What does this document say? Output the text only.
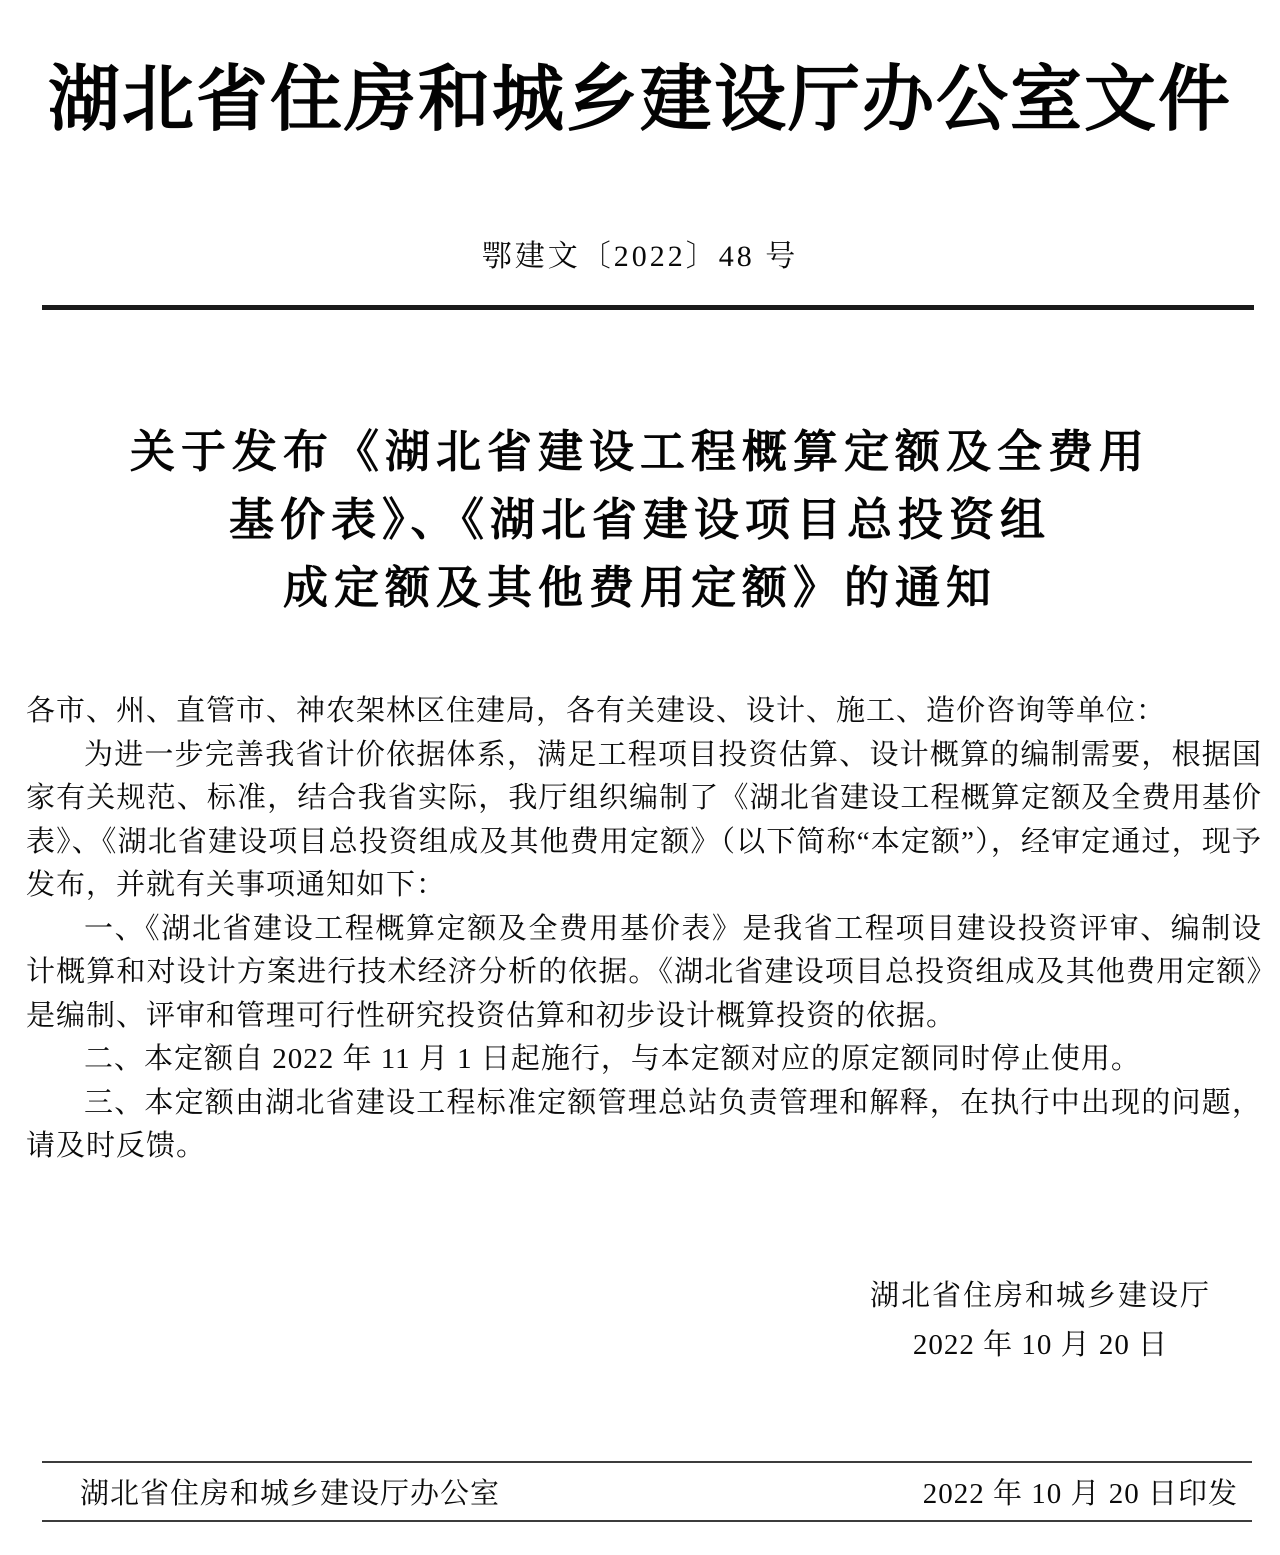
湖北省住房和城乡建设厅办公室文件
鄂建文〔2022〕48 号
关于发布《湖北省建设工程概算定额及全费用
基价表》、《湖北省建设项目总投资组
成定额及其他费用定额》的通知

各市、州、直管市、神农架林区住建局，各有关建设、设计、施工、造价咨询等单位：

为进一步完善我省计价依据体系，满足工程项目投资估算、设计概算的编制需要，根据国家有关规范、标准，结合我省实际，我厅组织编制了《湖北省建设工程概算定额及全费用基价表》、《湖北省建设项目总投资组成及其他费用定额》（以下简称“本定额”），经审定通过，现予发布，并就有关事项通知如下：

一、《湖北省建设工程概算定额及全费用基价表》是我省工程项目建设投资评审、编制设计概算和对设计方案进行技术经济分析的依据。《湖北省建设项目总投资组成及其他费用定额》是编制、评审和管理可行性研究投资估算和初步设计概算投资的依据。

二、本定额自 2022 年 11 月 1 日起施行，与本定额对应的原定额同时停止使用。

三、本定额由湖北省建设工程标准定额管理总站负责管理和解释，在执行中出现的问题，请及时反馈。

湖北省住房和城乡建设厅
2022 年 10 月 20 日
湖北省住房和城乡建设厅办公室	2022 年 10 月 20 日印发
